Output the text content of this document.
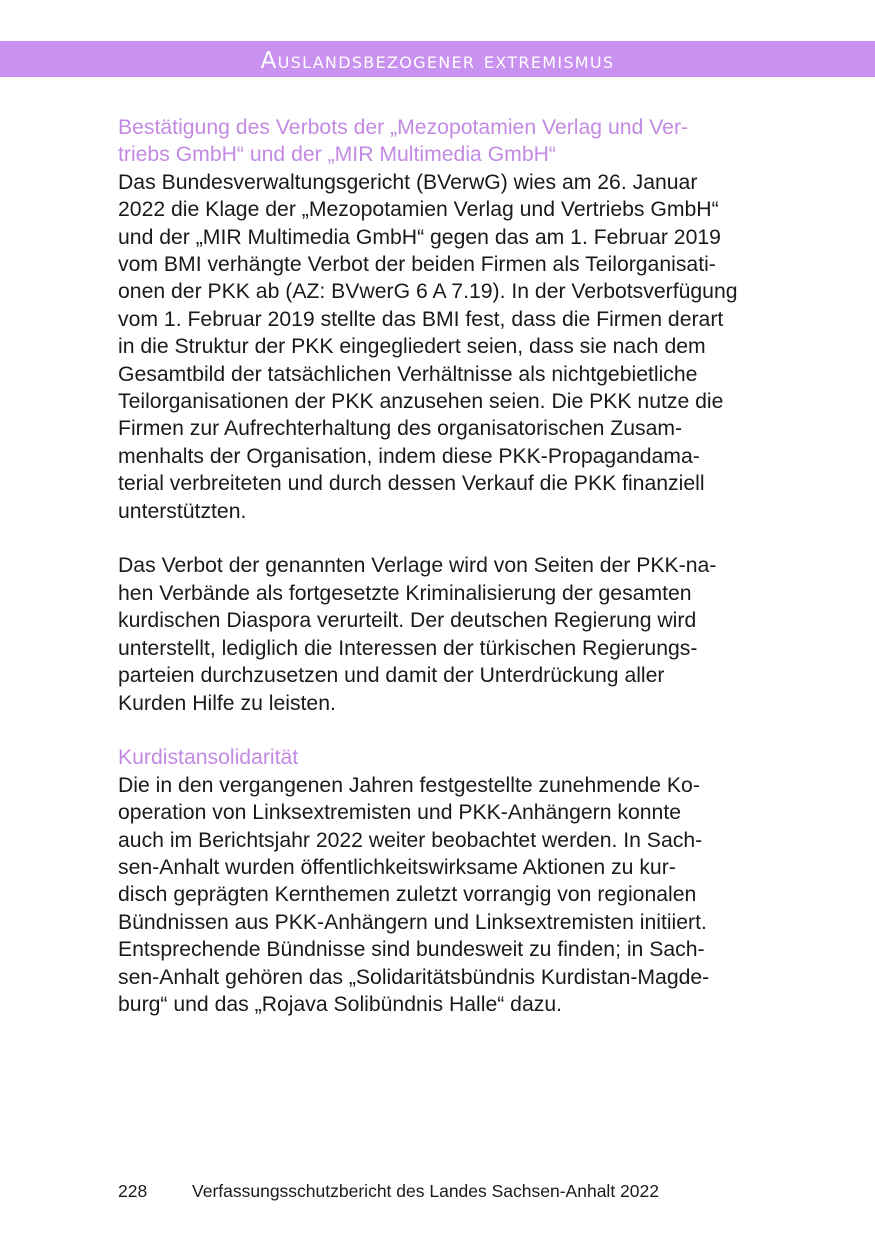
Auslandsbezogener extremismus
Bestätigung des Verbots der „Mezopotamien Verlag und Ver-
triebs GmbH“ und der „MIR Multimedia GmbH“

Das Bundesverwaltungsgericht (BVerwG) wies am 26. Januar
2022 die Klage der „Mezopotamien Verlag und Vertriebs GmbH“
und der „MIR Multimedia GmbH“ gegen das am 1. Februar 2019
vom BMI verhängte Verbot der beiden Firmen als Teilorganisati-
onen der PKK ab (AZ: BVwerG 6 A 7.19). In der Verbotsverfügung
vom 1. Februar 2019 stellte das BMI fest, dass die Firmen derart
in die Struktur der PKK eingegliedert seien, dass sie nach dem
Gesamtbild der tatsächlichen Verhältnisse als nichtgebietliche
Teilorganisationen der PKK anzusehen seien. Die PKK nutze die
Firmen zur Aufrechterhaltung des organisatorischen Zusam-
menhalts der Organisation, indem diese PKK-Propagandama-
terial verbreiteten und durch dessen Verkauf die PKK finanziell
unterstützten.

Das Verbot der genannten Verlage wird von Seiten der PKK-na-
hen Verbände als fortgesetzte Kriminalisierung der gesamten
kurdischen Diaspora verurteilt. Der deutschen Regierung wird
unterstellt, lediglich die Interessen der türkischen Regierungs-
parteien durchzusetzen und damit der Unterdrückung aller
Kurden Hilfe zu leisten.

Kurdistansolidarität

Die in den vergangenen Jahren festgestellte zunehmende Ko-
operation von Linksextremisten und PKK-Anhängern konnte
auch im Berichtsjahr 2022 weiter beobachtet werden. In Sach-
sen-Anhalt wurden öffentlichkeitswirksame Aktionen zu kur-
disch geprägten Kernthemen zuletzt vorrangig von regionalen
Bündnissen aus PKK-Anhängern und Linksextremisten initiiert.
Entsprechende Bündnisse sind bundesweit zu finden; in Sach-
sen-Anhalt gehören das „Solidaritätsbündnis Kurdistan-Magde-
burg“ und das „Rojava Solibündnis Halle“ dazu.

228	Verfassungsschutzbericht des Landes Sachsen-Anhalt 2022
